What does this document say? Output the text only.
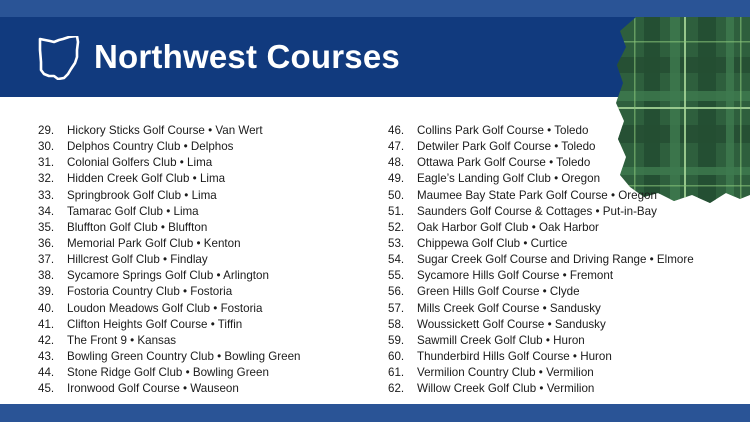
Northwest Courses
29.	Hickory Sticks Golf Course • Van Wert
30.	Delphos Country Club • Delphos
31.	Colonial Golfers Club • Lima
32.	Hidden Creek Golf Club • Lima
33.	Springbrook Golf Club • Lima
34.	Tamarac Golf Club • Lima
35.	Bluffton Golf Club • Bluffton
36.	Memorial Park Golf Club • Kenton
37.	Hillcrest Golf Club • Findlay
38.	Sycamore Springs Golf Club • Arlington
39.	Fostoria Country Club • Fostoria
40.	Loudon Meadows Golf Club • Fostoria
41.	Clifton Heights Golf Course • Tiffin
42.	The Front 9 • Kansas
43.	Bowling Green Country Club • Bowling Green
44.	Stone Ridge Golf Club • Bowling Green
45.	Ironwood Golf Course • Wauseon
46.	Collins Park Golf Course • Toledo
47.	Detwiler Park Golf Course • Toledo
48.	Ottawa Park Golf Course • Toledo
49.	Eagle’s Landing Golf Club • Oregon
50.	Maumee Bay State Park Golf Course • Oregon
51.	Saunders Golf Course & Cottages • Put-in-Bay
52.	Oak Harbor Golf Club • Oak Harbor
53.	Chippewa Golf Club • Curtice
54.	Sugar Creek Golf Course and Driving Range • Elmore
55.	Sycamore Hills Golf Course • Fremont
56.	Green Hills Golf Course • Clyde
57.	Mills Creek Golf Course • Sandusky
58.	Woussickett Golf Course • Sandusky
59.	Sawmill Creek Golf Club • Huron
60.	Thunderbird Hills Golf Course • Huron
61.	Vermilion Country Club • Vermilion
62.	Willow Creek Golf Club • Vermilion
